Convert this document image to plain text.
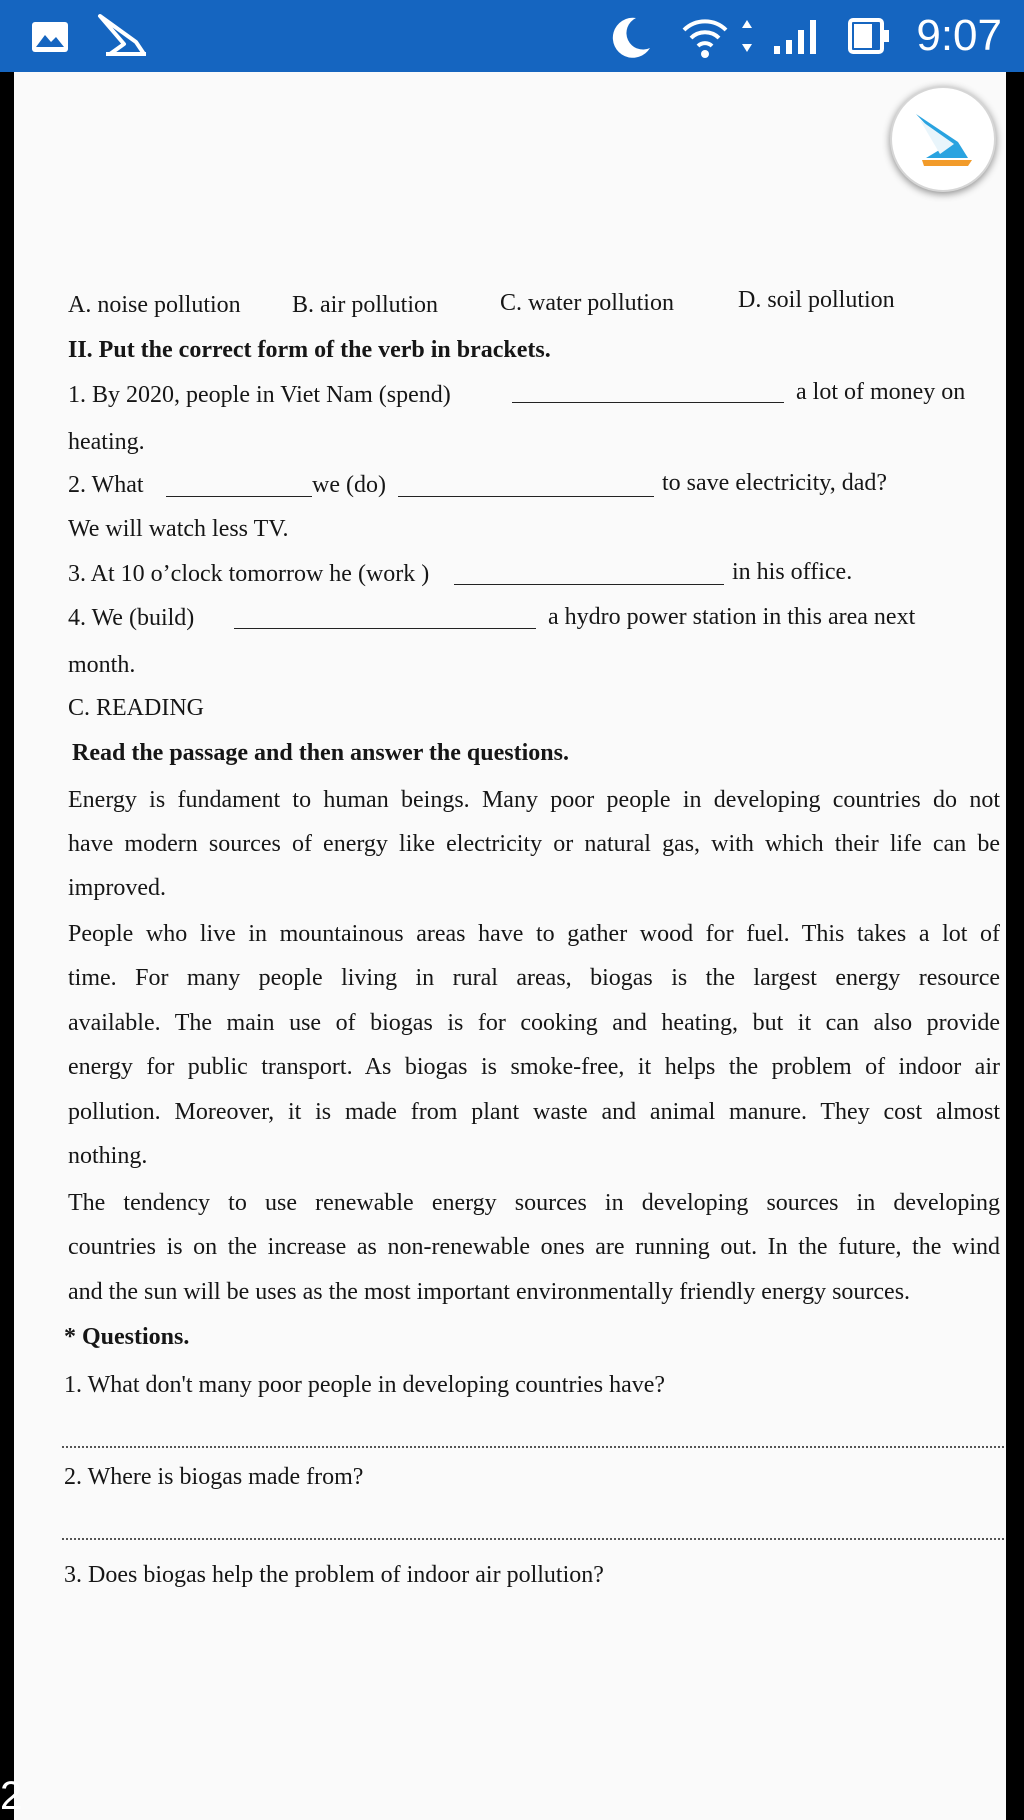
9:07
A. noise pollution B. air pollution	C. water pollution	D. soil pollution
II. Put the correct form of the verb in brackets.
1. By 2020, people in Viet Nam (spend)	a lot of money on
heating.
2. What	we (do)	to save electricity, dad?
We will watch less TV.
3. At 10 o’clock tomorrow he (work )	in his office.
4. We (build)	a hydro power station in this area next
month.
C. READING
Read the passage and then answer the questions.
Energy is fundament to human beings. Many poor people in developing countries do not
have modern sources of energy like electricity or natural gas, with which their life can be
improved.
People who live in mountainous areas have to gather wood for fuel. This takes a lot of
time. For many people living in rural areas, biogas is the largest energy resource
available. The main use of biogas is for cooking and heating, but it can also provide
energy for public transport. As biogas is smoke-free, it helps the problem of indoor air
pollution. Moreover, it is made from plant waste and animal manure. They cost almost
nothing.
The tendency to use renewable energy sources in developing sources in developing
countries is on the increase as non-renewable ones are running out. In the future, the wind
and the sun will be uses as the most important environmentally friendly energy sources.
* Questions.
1. What don't many poor people in developing countries have?
2. Where is biogas made from?
3. Does biogas help the problem of indoor air pollution?
2
